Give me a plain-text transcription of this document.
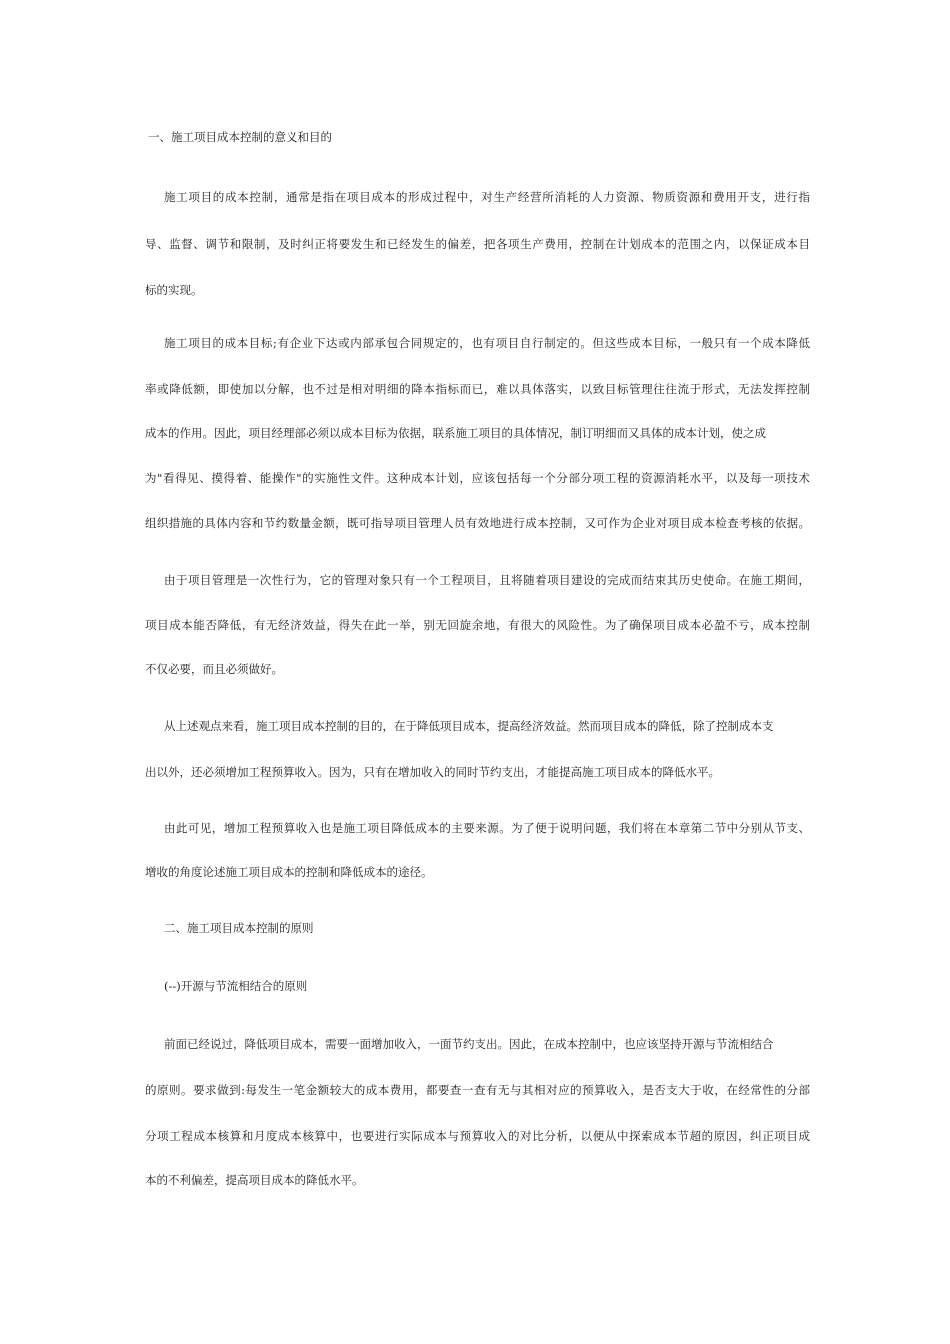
一、施工项目成本控制的意义和目的
施工项目的成本控制，通常是指在项目成本的形成过程中，对生产经营所消耗的人力资源、物质资源和费用开支，进行指
导、监督、调节和限制，及时纠正将要发生和已经发生的偏差，把各项生产费用，控制在计划成本的范围之内，以保证成本目
标的实现。
施工项目的成本目标;有企业下达或内部承包合同规定的，也有项目自行制定的。但这些成本目标，一般只有一个成本降低
率或降低额，即使加以分解，也不过是相对明细的降本指标而已，难以具体落实，以致目标管理往往流于形式，无法发挥控制
成本的作用。因此，项目经理部必须以成本目标为依据，联系施工项目的具体情况，制订明细而又具体的成本计划，使之成
为"看得见、摸得着、能操作"的实施性文件。这种成本计划，应该包括每一个分部分项工程的资源消耗水平，以及每一项技术
组织措施的具体内容和节约数量金额，既可指导项目管理人员有效地进行成本控制，又可作为企业对项目成本检查考核的依据。
由于项目管理是一次性行为，它的管理对象只有一个工程项目，且将随着项目建设的完成而结束其历史使命。在施工期间，
项目成本能否降低，有无经济效益，得失在此一举，别无回旋余地，有很大的风险性。为了确保项目成本必盈不亏，成本控制
不仅必要，而且必须做好。
从上述观点来看，施工项目成本控制的目的，在于降低项目成本，提高经济效益。然而项目成本的降低，除了控制成本支
出以外，还必须增加工程预算收入。因为，只有在增加收入的同时节约支出，才能提高施工项目成本的降低水平。
由此可见，增加工程预算收入也是施工项目降低成本的主要来源。为了便于说明问题，我们将在本章第二节中分别从节支、
增收的角度论述施工项目成本的控制和降低成本的途径。
二、施工项目成本控制的原则
(--)开源与节流相结合的原则
前面已经说过，降低项目成本，需要一面增加收入，一面节约支出。因此，在成本控制中，也应该坚持开源与节流相结合
的原则。要求做到:每发生一笔金额较大的成本费用，都要查一查有无与其相对应的预算收入，是否支大于收，在经常性的分部
分项工程成本核算和月度成本核算中，也要进行实际成本与预算收入的对比分析，以便从中探索成本节超的原因，纠正项目成
本的不利偏差，提高项目成本的降低水平。
